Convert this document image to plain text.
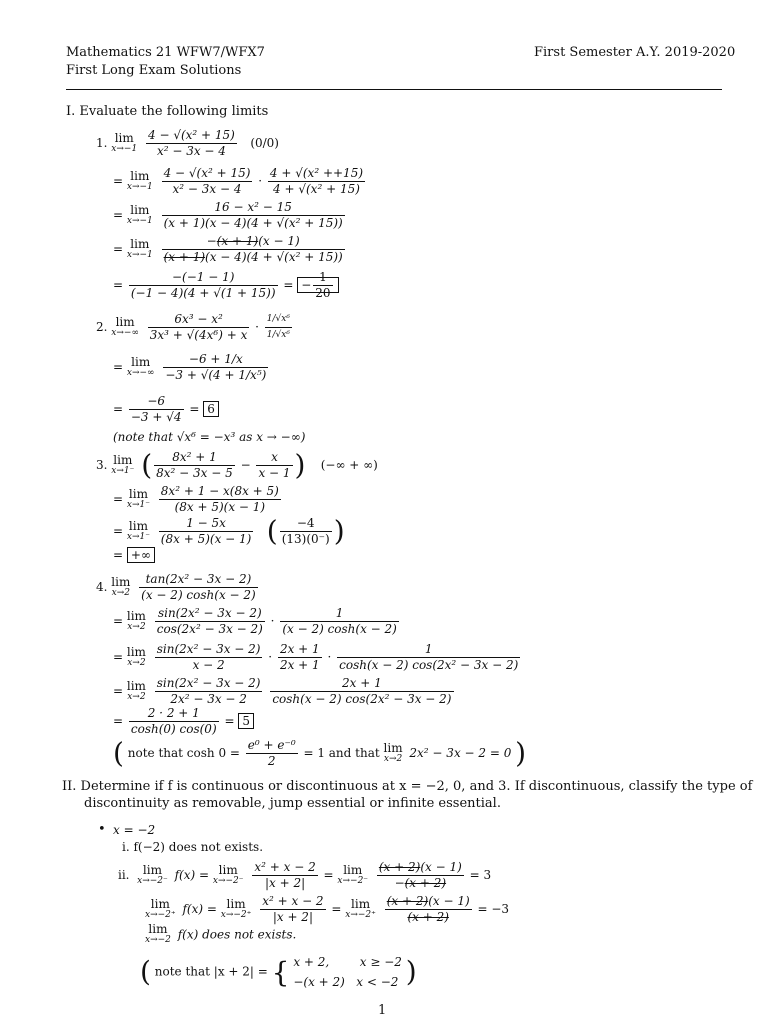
Mathematics 21 WFW7/WFX7
First Long Exam Solutions
First Semester A.Y. 2019-2020
I. Evaluate the following limits
1. lim
x→−1
$\frac{\text{4 − √(x² + 15)}}{\text{x² − 3x − 4}} (0/0)$
= lim
x→−1
$\frac{\text{4 − √(x² + 15)}}{\text{x² − 3x − 4}} \cdot \frac{\text{4 + √(x² ++15)}}{\text{4 + √(x² + 15)}}$
= lim
x→−1
$\frac{\text{16 − x² − 15}}{\text{(x + 1)(x − 4)(4 + √(x² + 15))}}$
= lim
x→−1
$\frac{-(x + 1)(x - 1)}{\text{(x + 1)(x − 4)(4 + √(x² + 15))}}$
= $\frac{-(-1 - 1)}{(-1 - 4)(4 + √(1 + 15))}$ = − $\frac{1}{20}$
2. lim
x→−∞
$\frac{\text{6x³ − x²}}{\text{3x³ + √(4x⁶) + x}} \cdot \frac{\text{1/√x⁶}}{\text{1/√x⁶}}$
= lim
x→−∞
$\frac{-6 + 1/x}{\text{−3 + √(4 + 1/x⁵)}}$
= $\frac{-6}{-3 + √4} = 6$
(note that √x⁶ = −x³ as x → −∞)
3. lim
x→1⁻ ( $\frac{\text{8x² + 1}}{\text{8x² − 3x − 5}} - \frac{x}{x - 1}$ ) (−∞ + ∞)
= lim
x→1⁻
$\frac{\text{8x² + 1 − x(8x + 5)}}{(8x + 5)(x - 1)}$
= lim
x→1⁻
$\frac{1 - 5x}{(8x + 5)(x - 1)}$ ( $\frac{-4}{(13)(0^-)}$ )
= +∞
4. lim
x→2
$\frac{\text{tan(2x² − 3x − 2)}}{(x - 2) \cosh(x - 2)}$
= lim
x→2
$\frac{\text{sin(2x² − 3x − 2)}}{\text{cos(2x² − 3x − 2)}} \cdot \frac{1}{(x - 2) \cosh(x - 2)}$
= lim
x→2
$\frac{\text{sin(2x² − 3x − 2)}}{x - 2} \cdot \frac{2x + 1}{2x + 1} \cdot \frac{1}{\text{cosh(x − 2) cos(2x² − 3x − 2)}}$
= lim
x→2
$\frac{\text{sin(2x² − 3x − 2)}}{\text{2x² − 3x − 2}}$
$\frac{2x + 1}{\text{cosh(x − 2) cos(2x² − 3x − 2)}}$
= $\frac{2 \cdot 2 + 1}{\cosh(0) \cos(0)} = 5$
( note that $\cosh 0 = \frac{\text{e⁰ + e⁻⁰}}{2} = 1$ and that lim
x→2 2x² − 3x − 2 = 0 )
II. Determine if f is continuous or discontinuous at x = −2, 0, and 3. If discontinuous, classify the type of
discontinuity as removable, jump essential or infinite essential.
• x = −2
i. f(−2) does not exists.
ii. lim
x→−2⁻ f(x) = lim
x→−2⁻
$\frac{\text{x² + x − 2}}{|x + 2|} = \lim$
x→−2⁻
$\frac{(x + 2)(x - 1)}{-(x + 2)} = 3$
lim
x→−2⁺ f(x) = lim
x→−2⁺
$\frac{\text{x² + x − 2}}{|x + 2|} = \lim$
x→−2⁺
$\frac{(x + 2)(x - 1)}{(x + 2)} = -3$
lim
x→−2 f(x) does not exists.
( note that |x + 2| = { x + 2,	x ≥ −2
−(x + 2) x < −2 )
1
